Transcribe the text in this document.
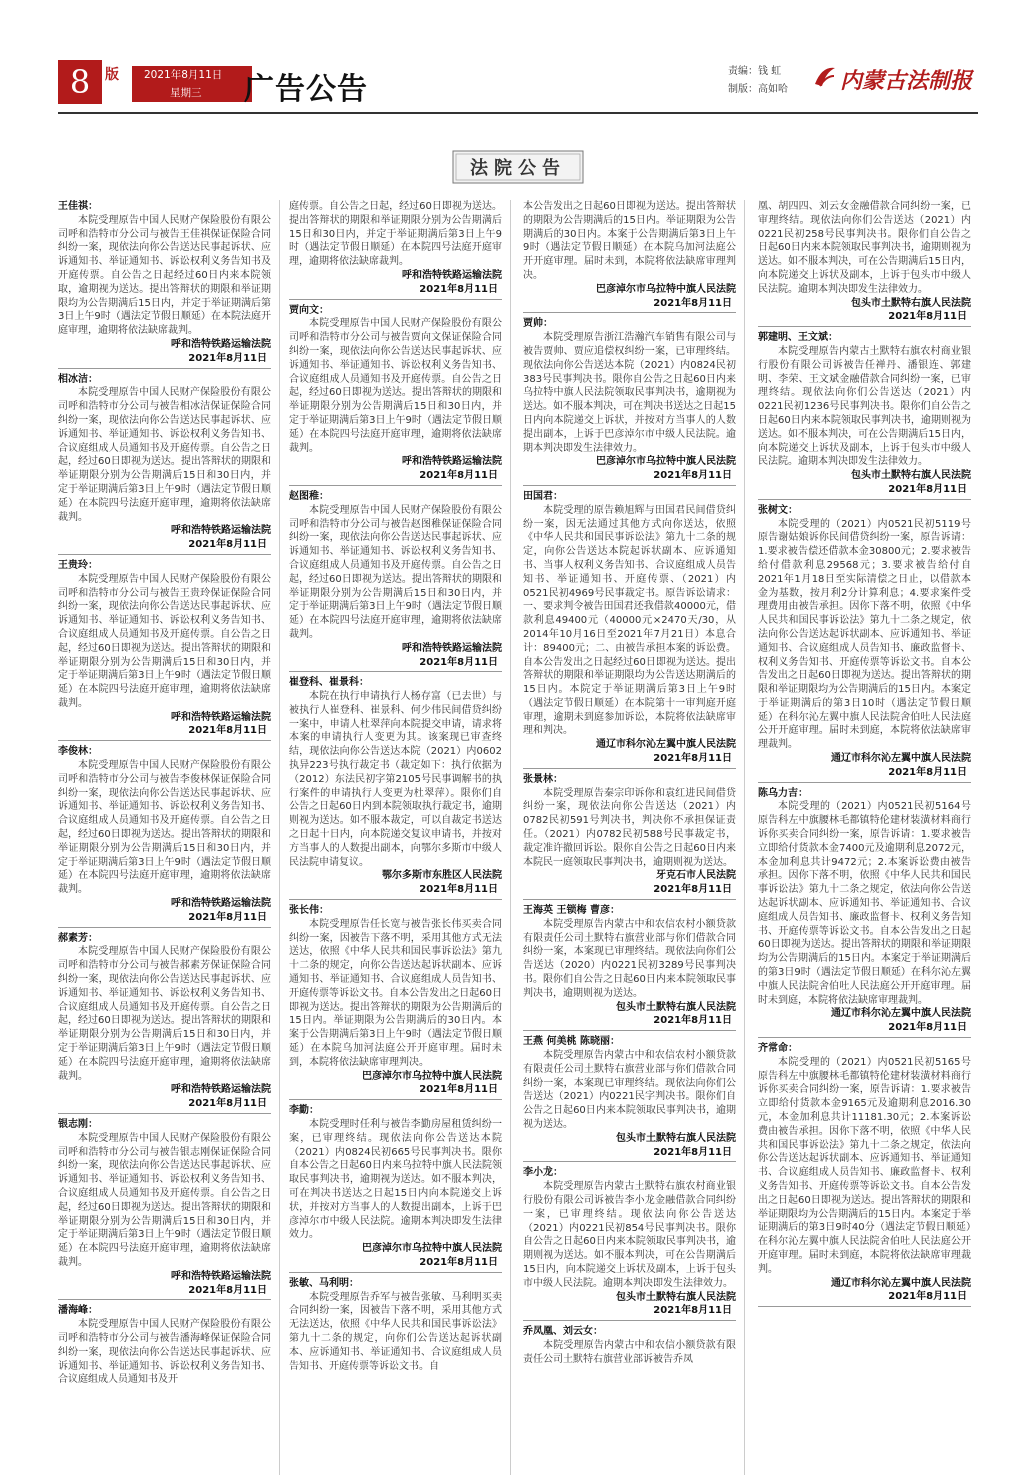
8	版 2021年8月11日
星期三	广告公告
责编：钱 虹
制版：高如哈 内蒙古法制报
法院公告
王佳祺：
本院受理原告中国人民财产保险股份有限公司呼和浩特市分公司与被告王佳祺保证保险合同纠纷一案，现依法向你公告送达民事起诉状、应诉通知书、举证通知书、诉讼权利义务告知书及开庭传票。自公告之日起经过60日内来本院领取，逾期视为送达。提出答辩状的期限和举证期限均为公告期满后15日内，并定于举证期满后第3日上午9时（遇法定节假日顺延）在本院法庭开庭审理，逾期将依法缺席裁判。
呼和浩特铁路运输法院
2021年8月11日
相冰洁：
本院受理原告中国人民财产保险股份有限公司呼和浩特市分公司与被告相冰洁保证保险合同纠纷一案，现依法向你公告送达民事起诉状、应诉通知书、举证通知书、诉讼权利义务告知书、合议庭组成人员通知书及开庭传票。自公告之日起，经过60日即视为送达。提出答辩状的期限和举证期限分别为公告期满后15日和30日内，并定于举证期满后第3日上午9时（遇法定节假日顺延）在本院四号法庭开庭审理，逾期将依法缺席裁判。
呼和浩特铁路运输法院
2021年8月11日
王贵玲：
本院受理原告中国人民财产保险股份有限公司呼和浩特市分公司与被告王贵玲保证保险合同纠纷一案，现依法向你公告送达民事起诉状、应诉通知书、举证通知书、诉讼权利义务告知书、合议庭组成人员通知书及开庭传票。自公告之日起，经过60日即视为送达。提出答辩状的期限和举证期限分别为公告期满后15日和30日内，并定于举证期满后第3日上午9时（遇法定节假日顺延）在本院四号法庭开庭审理，逾期将依法缺席裁判。
呼和浩特铁路运输法院
2021年8月11日
李俊林：
本院受理原告中国人民财产保险股份有限公司呼和浩特市分公司与被告李俊林保证保险合同纠纷一案，现依法向你公告送达民事起诉状、应诉通知书、举证通知书、诉讼权利义务告知书、合议庭组成人员通知书及开庭传票。自公告之日起，经过60日即视为送达。提出答辩状的期限和举证期限分别为公告期满后15日和30日内，并定于举证期满后第3日上午9时（遇法定节假日顺延）在本院四号法庭开庭审理，逾期将依法缺席裁判。
呼和浩特铁路运输法院
2021年8月11日
郝素芳：
本院受理原告中国人民财产保险股份有限公司呼和浩特市分公司与被告郝素芳保证保险合同纠纷一案，现依法向你公告送达民事起诉状、应诉通知书、举证通知书、诉讼权利义务告知书、合议庭组成人员通知书及开庭传票。自公告之日起，经过60日即视为送达。提出答辩状的期限和举证期限分别为公告期满后15日和30日内，并定于举证期满后第3日上午9时（遇法定节假日顺延）在本院四号法庭开庭审理，逾期将依法缺席裁判。
呼和浩特铁路运输法院
2021年8月11日
银志刚：
本院受理原告中国人民财产保险股份有限公司呼和浩特市分公司与被告银志刚保证保险合同纠纷一案，现依法向你公告送达民事起诉状、应诉通知书、举证通知书、诉讼权利义务告知书、合议庭组成人员通知书及开庭传票。自公告之日起，经过60日即视为送达。提出答辩状的期限和举证期限分别为公告期满后15日和30日内，并定于举证期满后第3日上午9时（遇法定节假日顺延）在本院四号法庭开庭审理，逾期将依法缺席裁判。
呼和浩特铁路运输法院
2021年8月11日
潘海峰：
本院受理原告中国人民财产保险股份有限公司呼和浩特市分公司与被告潘海峰保证保险合同纠纷一案，现依法向你公告送达民事起诉状、应诉通知书、举证通知书、诉讼权利义务告知书、合议庭组成人员通知书及开
庭传票。自公告之日起，经过60日即视为送达。提出答辩状的期限和举证期限分别为公告期满后15日和30日内，并定于举证期满后第3日上午9时（遇法定节假日顺延）在本院四号法庭开庭审理，逾期将依法缺席裁判。
呼和浩特铁路运输法院
2021年8月11日
贾向文：
本院受理原告中国人民财产保险股份有限公司呼和浩特市分公司与被告贾向文保证保险合同纠纷一案，现依法向你公告送达民事起诉状、应诉通知书、举证通知书、诉讼权利义务告知书、合议庭组成人员通知书及开庭传票。自公告之日起，经过60日即视为送达。提出答辩状的期限和举证期限分别为公告期满后15日和30日内，并定于举证期满后第3日上午9时（遇法定节假日顺延）在本院四号法庭开庭审理，逾期将依法缺席裁判。
呼和浩特铁路运输法院
2021年8月11日
赵图稚：
本院受理原告中国人民财产保险股份有限公司呼和浩特市分公司与被告赵图稚保证保险合同纠纷一案，现依法向你公告送达民事起诉状、应诉通知书、举证通知书、诉讼权利义务告知书、合议庭组成人员通知书及开庭传票。自公告之日起，经过60日即视为送达。提出答辩状的期限和举证期限分别为公告期满后15日和30日内，并定于举证期满后第3日上午9时（遇法定节假日顺延）在本院四号法庭开庭审理，逾期将依法缺席裁判。
呼和浩特铁路运输法院
2021年8月11日
崔登科、崔景科：
本院在执行申请执行人杨存富（已去世）与被执行人崔登科、崔景科、何少伟民间借贷纠纷一案中，申请人杜翠萍向本院提交申请，请求将本案的申请执行人变更为其。该案现已审查终结，现依法向你公告送达本院（2021）内0602执异223号执行裁定书（裁定如下：执行依据为（2012）东法民初字第2105号民事调解书的执行案件的申请执行人变更为杜翠萍）。限你们自公告之日起60日内到本院领取执行裁定书，逾期则视为送达。如不服本裁定，可以自裁定书送达之日起十日内，向本院递交复议申请书，并按对方当事人的人数提出副本，向鄂尔多斯市中级人民法院申请复议。
鄂尔多斯市东胜区人民法院
2021年8月11日
张长伟：
本院受理原告任长宽与被告张长伟买卖合同纠纷一案，因被告下落不明，采用其他方式无法送达，依照《中华人民共和国民事诉讼法》第九十二条的规定，向你公告送达起诉状副本、应诉通知书、举证通知书、合议庭组成人员告知书、开庭传票等诉讼文书。自本公告发出之日起60日即视为送达。提出答辩状的期限为公告期满后的15日内。举证期限为公告期满后的30日内。本案于公告期满后第3日上午9时（遇法定节假日顺延）在本院乌加河法庭公开开庭审理。届时未到，本院将依法缺席审理判决。
巴彦淖尔市乌拉特中旗人民法院
2021年8月11日
李勤：
本院受理时任利与被告李勤房屋租赁纠纷一案，已审理终结。现依法向你公告送达本院（2021）内0824民初665号民事判决书。限你自本公告之日起60日内来乌拉特中旗人民法院领取民事判决书，逾期视为送达。如不服本判决，可在判决书送达之日起15日内向本院递交上诉状，并按对方当事人的人数提出副本，上诉于巴彦淖尔市中级人民法院。逾期本判决即发生法律效力。
巴彦淖尔市乌拉特中旗人民法院
2021年8月11日
张敏、马利明：
本院受理原告乔军与被告张敏、马利明买卖合同纠纷一案，因被告下落不明，采用其他方式无法送达，依照《中华人民共和国民事诉讼法》第九十二条的规定，向你们公告送达起诉状副本、应诉通知书、举证通知书、合议庭组成人员告知书、开庭传票等诉讼文书。自
本公告发出之日起60日即视为送达。提出答辩状的期限为公告期满后的15日内。举证期限为公告期满后的30日内。本案于公告期满后第3日上午9时（遇法定节假日顺延）在本院乌加河法庭公开开庭审理。届时未到，本院将依法缺席审理判决。
巴彦淖尔市乌拉特中旗人民法院
2021年8月11日
贾帅：
本院受理原告浙江浩瀚汽车销售有限公司与被告贾帅、贾应追偿权纠纷一案，已审理终结。现依法向你公告送达本院（2021）内0824民初383号民事判决书。限你自公告之日起60日内来乌拉特中旗人民法院领取民事判决书，逾期视为送达。如不服本判决，可在判决书送达之日起15日内向本院递交上诉状，并按对方当事人的人数提出副本，上诉于巴彦淖尔市中级人民法院。逾期本判决即发生法律效力。
巴彦淖尔市乌拉特中旗人民法院
2021年8月11日
田国君：
本院受理的原告赖旭辉与田国君民间借贷纠纷一案，因无法通过其他方式向你送达，依照《中华人民共和国民事诉讼法》第九十二条的规定，向你公告送达本院起诉状副本、应诉通知书、当事人权利义务告知书、合议庭组成人员告知书、举证通知书、开庭传票、（2021）内0521民初4969号民事裁定书。原告诉讼请求：一、要求判令被告田国君还我借款40000元，借款利息49400元（40000元×2470天/30，从2014年10月16日至2021年7月21日）本息合计：89400元；二、由被告承担本案的诉讼费。自本公告发出之日起经过60日即视为送达。提出答辩状的期限和举证期限均为公告送达期满后的15日内。本院定于举证期满后第3日上午9时（遇法定节假日顺延）在本院第十一审判庭开庭审理，逾期未到庭参加诉讼，本院将依法缺席审理和判决。
通辽市科尔沁左翼中旗人民法院
2021年8月11日
张景林：
本院受理原告秦宗印诉你和袁红进民间借贷纠纷一案，现依法向你公告送达（2021）内0782民初591号判决书，判决你不承担保证责任。（2021）内0782民初588号民事裁定书，裁定准许撤回诉讼。限你自公告之日起60日内来本院民一庭领取民事判决书，逾期则视为送达。
牙克石市人民法院
2021年8月11日
王海英 王锁梅 曹彦：
本院受理原告内蒙古中和农信农村小额贷款有限责任公司土默特右旗营业部与你们借款合同纠纷一案，本案现已审理终结。现依法向你们公告送达（2020）内0221民初3289号民事判决书。限你们自公告之日起60日内来本院领取民事判决书，逾期则视为送达。
包头市土默特右旗人民法院
2021年8月11日
王燕 何美桃 陈晓丽：
本院受理原告内蒙古中和农信农村小额贷款有限责任公司土默特右旗营业部与你们借款合同纠纷一案，本案现已审理终结。现依法向你们公告送达（2021）内0221民字判决书。限你们自公告之日起60日内来本院领取民事判决书，逾期视为送达。
包头市土默特右旗人民法院
2021年8月11日
李小龙：
本院受理原告内蒙古土默特右旗农村商业银行股份有限公司诉被告李小龙金融借款合同纠纷一案，已审理终结。现依法向你公告送达（2021）内0221民初854号民事判决书。限你自公告之日起60日内来本院领取民事判决书，逾期则视为送达。如不服本判决，可在公告期满后15日内，向本院递交上诉状及副本，上诉于包头市中级人民法院。逾期本判决即发生法律效力。
包头市土默特右旗人民法院
2021年8月11日
乔凤凰、刘云女：
本院受理原告内蒙古中和农信小额贷款有限责任公司土默特右旗营业部诉被告乔凤
凰、胡四四、刘云女金融借款合同纠纷一案，已审理终结。现依法向你们公告送达（2021）内0221民初258号民事判决书。限你们自公告之日起60日内来本院领取民事判决书，逾期则视为送达。如不服本判决，可在公告期满后15日内，向本院递交上诉状及副本，上诉于包头市中级人民法院。逾期本判决即发生法律效力。
包头市土默特右旗人民法院
2021年8月11日
郭建明、王文斌：
本院受理原告内蒙古土默特右旗农村商业银行股份有限公司诉被告任禅丹、潘银连、郭建明、李荣、王文斌金融借款合同纠纷一案，已审理终结。现依法向你们公告送达（2021）内0221民初1236号民事判决书。限你们自公告之日起60日内来本院领取民事判决书，逾期则视为送达。如不服本判决，可在公告期满后15日内，向本院递交上诉状及副本，上诉于包头市中级人民法院。逾期本判决即发生法律效力。
包头市土默特右旗人民法院
2021年8月11日
张树文：
本院受理的（2021）内0521民初5119号原告谢姑娘诉你民间借贷纠纷一案，原告诉请：1.要求被告偿还借款本金30800元；2.要求被告给付借款利息29568元；3.要求被告给付自2021年1月18日至实际清偿之日止，以借款本金为基数，按月利2分计算利息；4.要求案件受理费用由被告承担。因你下落不明，依照《中华人民共和国民事诉讼法》第九十二条之规定，依法向你公告送达起诉状副本、应诉通知书、举证通知书、合议庭组成人员告知书、廉政监督卡、权利义务告知书、开庭传票等诉讼文书。自本公告发出之日起60日即视为送达。提出答辩状的期限和举证期限均为公告期满后的15日内。本案定于举证期满后的第3日10时（遇法定节假日顺延）在科尔沁左翼中旗人民法院舍伯吐人民法庭公开开庭审理。届时未到庭，本院将依法缺席审理裁判。
通辽市科尔沁左翼中旗人民法院
2021年8月11日
陈乌力吉：
本院受理的（2021）内0521民初5164号原告科左中旗腰林毛都镇特伦建材装潢材料商行诉你买卖合同纠纷一案，原告诉请：1.要求被告立即给付货款本金7400元及逾期利息2072元，本金加利息共计9472元；2.本案诉讼费由被告承担。因你下落不明，依照《中华人民共和国民事诉讼法》第九十二条之规定，依法向你公告送达起诉状副本、应诉通知书、举证通知书、合议庭组成人员告知书、廉政监督卡、权利义务告知书、开庭传票等诉讼文书。自本公告发出之日起60日即视为送达。提出答辩状的期限和举证期限均为公告期满后的15日内。本案定于举证期满后的第3日9时（遇法定节假日顺延）在科尔沁左翼中旗人民法院舍伯吐人民法庭公开开庭审理。届时未到庭，本院将依法缺席审理裁判。
通辽市科尔沁左翼中旗人民法院
2021年8月11日
齐常命：
本院受理的（2021）内0521民初5165号原告科左中旗腰林毛都镇特伦建材装潢材料商行诉你买卖合同纠纷一案，原告诉请：1.要求被告立即给付货款本金9165元及逾期利息2016.30元，本金加利息共计11181.30元；2.本案诉讼费由被告承担。因你下落不明，依照《中华人民共和国民事诉讼法》第九十二条之规定，依法向你公告送达起诉状副本、应诉通知书、举证通知书、合议庭组成人员告知书、廉政监督卡、权利义务告知书、开庭传票等诉讼文书。自本公告发出之日起60日即视为送达。提出答辩状的期限和举证期限均为公告期满后的15日内。本案定于举证期满后的第3日9时40分（遇法定节假日顺延）在科尔沁左翼中旗人民法院舍伯吐人民法庭公开开庭审理。届时未到庭，本院将依法缺席审理裁判。
通辽市科尔沁左翼中旗人民法院
2021年8月11日
